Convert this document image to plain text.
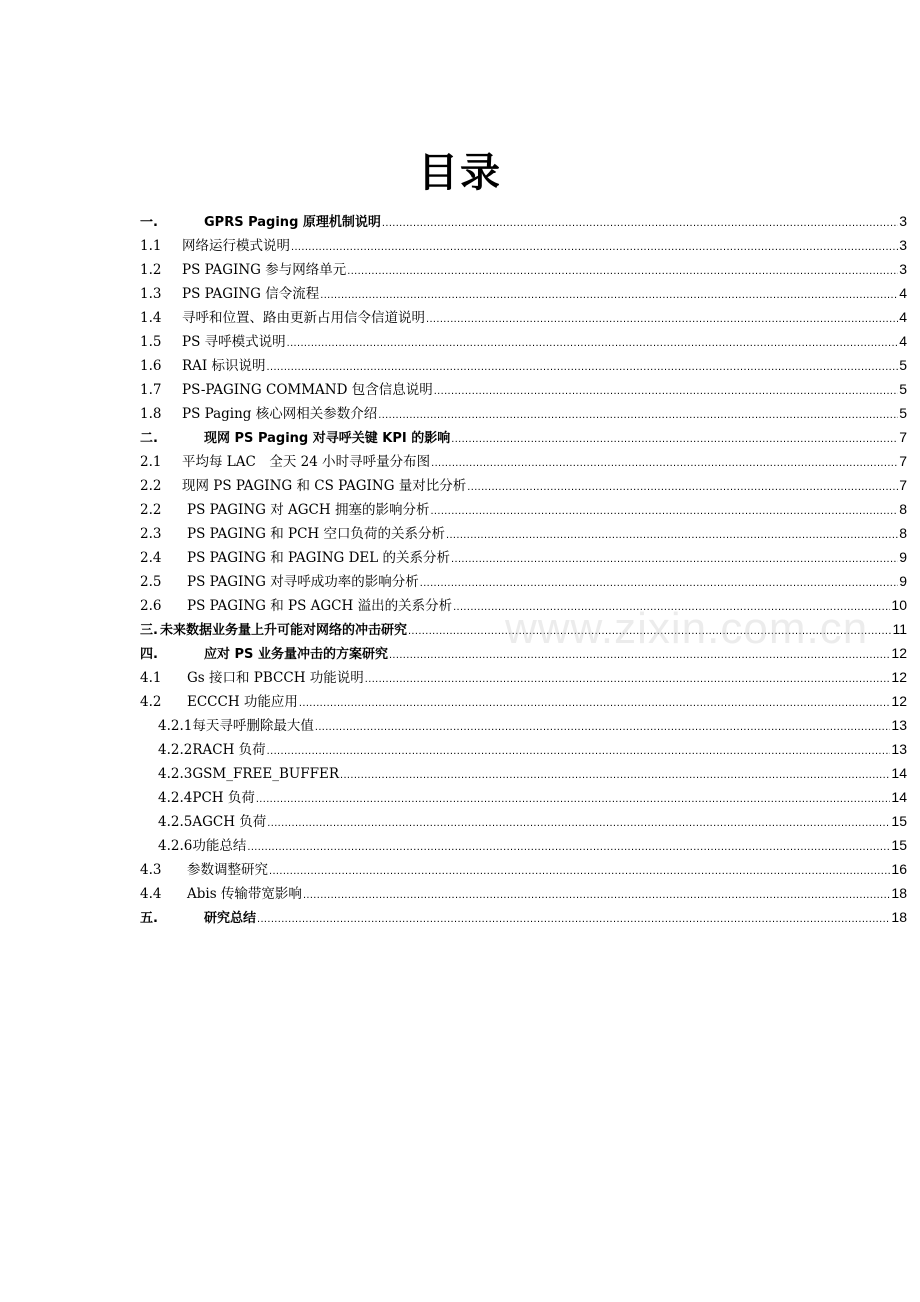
目录
一.	GPRS Paging 原理机制说明 .....	3
1.1	网络运行模式说明 .....	3
1.2	PS PAGING 参与网络单元 .....	3
1.3	PS PAGING 信令流程 .....	4
1.4	寻呼和位置、路由更新占用信令信道说明 .....	4
1.5	PS 寻呼模式说明 .....	4
1.6	RAI 标识说明 .....	5
1.7	PS-PAGING COMMAND 包含信息说明 .....	5
1.8	PS Paging 核心网相关参数介绍 .....	5
二.	现网 PS Paging 对寻呼关键 KPI 的影响 .....	7
2.1	平均每 LAC　全天 24 小时寻呼量分布图 .....	7
2.2	现网 PS PAGING 和 CS PAGING 量对比分析 .....	7
2.2	PS PAGING 对 AGCH 拥塞的影响分析 .....	8
2.3	PS PAGING 和 PCH 空口负荷的关系分析 .....	8
2.4	PS PAGING 和 PAGING DEL 的关系分析 .....	9
2.5	PS PAGING 对寻呼成功率的影响分析 .....	9
2.6	PS PAGING 和 PS AGCH 溢出的关系分析 .....	10
三. 未来数据业务量上升可能对网络的冲击研究 .....	11
四.	应对 PS 业务量冲击的方案研究 .....	12
4.1	Gs 接口和 PBCCH 功能说明 .....	12
4.2	ECCCH 功能应用 .....	12
4.2.1 每天寻呼删除最大值 .....	13
4.2.2 RACH 负荷 .....	13
4.2.3 GSM_FREE_BUFFER .....	14
4.2.4 PCH 负荷 .....	14
4.2.5 AGCH 负荷 .....	15
4.2.6 功能总结 .....	15
4.3	参数调整研究 .....	16
4.4	Abis 传输带宽影响 .....	18
五.	研究总结 .....	18
www.zixin.com.cn
